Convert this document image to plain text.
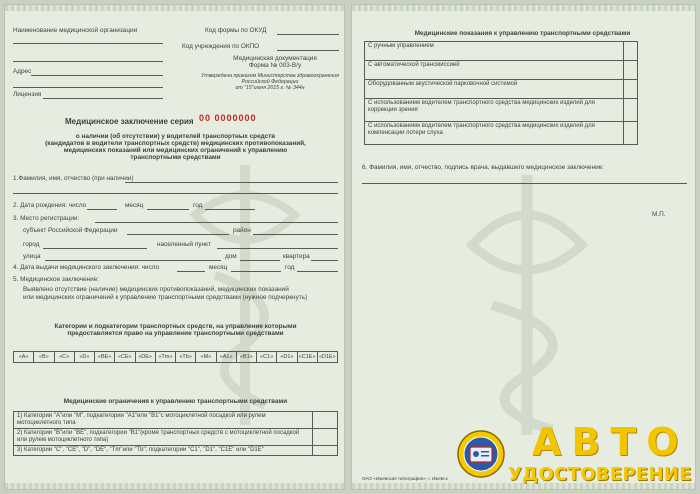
Наименование медицинской организации	Код формы по ОКУД
Код учреждения по ОКПО
Медицинская документация
Форма № 003-В/у
Утверждена приказом Министерства здравоохранения
Российской Федерации
от "15"июня 2015 г. № 344н
Адрес
Лицензия
Медицинское заключение серия 00 0000000
о наличии (об отсутствии) у водителей транспортных средств
(кандидатов в водители транспортных средств) медицинских противопоказаний,
медицинских показаний или медицинских ограничений к управлению
транспортными средствами
1.Фамилия, имя, отчество (при наличии)
2. Дата рождения: число	месяц	год
3. Место регистрации:
субъект Российской Федерации	район
город	населенный пункт
улица	дом	квартира
4. Дата выдачи медицинского заключения: число	месяц	год
5. Медицинское заключение:
Выявлено отсутствие (наличие) медицинских противопоказаний, медицинских показаний
или медицинских ограничений к управлению транспортными средствами (нужное подчеркнуть)
Категории и подкатегории транспортных средств, на управление которыми
предоставляется право на управление транспортными средствами
«A»	«B»	«C»	«D»	«BE»	«CE»	«DE»	«Tm»	«Tb»	«M»	«A1»	«B1»	«C1»	«D1» «C1E» «D1E»
Медицинские ограничения к управлению транспортными средствами
1) Категории "A"или "M", подкатегории "A1"или "B1"с мотоциклетной посадкой или рулем мотоциклетного типа	
2) Категории "B"или "BE", подкатегории "B1"(кроме транспортных средств с мотоциклетной посадкой или рулем мотоциклетного типа)	
3) Категории "C", "CE", "D", "DE", "Tm"или "Tb"; подкатегории "C1", "D1", "C1E" или "D1E"	
Медицинские показания к управлению транспортными средствами
С ручным управлением	
С автоматической трансмиссией	
Оборудованным акустической парковочной системой	
С использованием водителем транспортного средства медицинских изделий для коррекции зрения	
С использованием водителем транспортного средства медицинских изделий для компенсации потери слуха	
6. Фамилия, имя, отчество, подпись врача, выдавшего медицинское заключение:
М.П.
ОАО «Ижевская типография», г. Ижевск
АВТО
УДОСТОВЕРЕНИЕ
